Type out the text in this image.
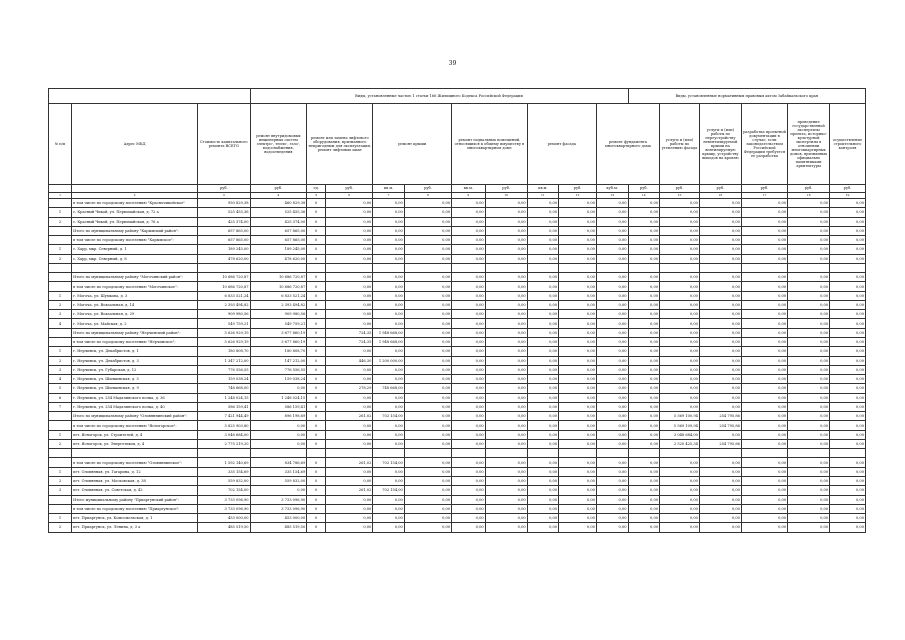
39
			Виды, установленные частью 1 статьи 166 Жилищного Кодекса Российской Федерации										Виды, установленные нормативным правовым актом Забайкальского края					
№ п/п	Адрес МКД	Стоимость капитального ремонта ВСЕГО	ремонт внутридомовых инженерных систем электро-, тепло-, газо-, водоснабжения, водоотведения	ремонт или замена лифтового оборудования, признанного непригодным для эксплуатации, ремонт лифтовых шахт		ремонт крыши		ремонт подвальных помещений, относящихся к общему имуществу в многоквартирном доме		ремонт фасада		ремонт фундамента многоквартирного дома		услуги и (или) работы по утеплению фасада	услуги и (или) работы по переустройству невентилируемой крыши на вентилируемую крышу, устройству выходов на кровлю	разработка проектной документации в случае, если законодательством Российской Федерации требуется ее разработка	проведение государственной экспертизы проекта, историко-культурной экспертизы в отношении многоквартирных домов, признанных официально памятниками архитектуры	осуществление строительного контроля
		руб.	руб.	ед.	руб.	кв.м.	руб.	кв.м.	руб.	кв.м.	руб.	куб.м.	руб.	руб.	руб.	руб.	руб.	руб.
1	2	3	4	5	6	7	8	9	10	11	12	13	14	15	16	17	18	19
	в том числе по городскому поселению "Красночикойское"	950 829,38	460 829,38	0	0,00	0,00	0,00	0,00	0,00	0,00	0,00	0,00	0,00	0,00	0,00	0,00	0,00	0,00
1	с. Красный Чикой, ул. Первомайская, д. 72 а	525 455,36	525 455,36	0	0,00	0,00	0,00	0,00	0,00	0,00	0,00	0,00	0,00	0,00	0,00	0,00	0,00	0,00
2	с. Красный Чикой, ул. Первомайская, д. 76 а	425 374,00	425 374,00	0	0,00	0,00	0,00	0,00	0,00	0,00	0,00	0,00	0,00	0,00	0,00	0,00	0,00	0,00
	Итого по муниципальному району "Карымский район":	657 865,00	657 865,00	0	0,00	0,00	0,00	0,00	0,00	0,00	0,00	0,00	0,00	0,00	0,00	0,00	0,00	0,00
	в том числе по городскому поселению "Карымское":	657 865,00	657 865,00	0	0,00	0,00	0,00	0,00	0,00	0,00	0,00	0,00	0,00	0,00	0,00	0,00	0,00	0,00
1	с. Харр, мкр. Северный, д. 1	189 245,00	189 245,00	0	0,00	0,00	0,00	0,00	0,00	0,00	0,00	0,00	0,00	0,00	0,00	0,00	0,00	0,00
2	с. Харр, мкр. Северный, д. 8	478 620,00	478 620,00	0	0,00	0,00	0,00	0,00	0,00	0,00	0,00	0,00	0,00	0,00	0,00	0,00	0,00	0,00

	Итого по муниципальному району "Могочинский район":	10 686 720,87	10 686 720,87	0	0,00	0,00	0,00	0,00	0,00	0,00	0,00	0,00	0,00	0,00	0,00	0,00	0,00	0,00
	в том числе по городскому поселению "Могочинское":	10 686 720,87	10 686 720,87	0	0,00	0,00	0,00	0,00	0,00	0,00	0,00	0,00	0,00	0,00	0,00	0,00	0,00	0,00
1	г. Могоча, ул. Шумкова, д. 3	6 833 521,24	6 833 521,24	0	0,00	0,00	0,00	0,00	0,00	0,00	0,00	0,00	0,00	0,00	0,00	0,00	0,00	0,00
2	г. Могоча, ул. Вокзальная, д. 14	2 393 494,82	2 393 494,82	0	0,00	0,00	0,00	0,00	0,00	0,00	0,00	0,00	0,00	0,00	0,00	0,00	0,00	0,00
3	г. Могоча, ул. Вокзальная, д. 29	909 980,56	909 980,56	0	0,00	0,00	0,00	0,00	0,00	0,00	0,00	0,00	0,00	0,00	0,00	0,00	0,00	0,00
4	г. Могоча, ул. Майская, д. 2	549 759,21	549 759,21	0	0,00	0,00	0,00	0,00	0,00	0,00	0,00	0,00	0,00	0,00	0,00	0,00	0,00	0,00
	Итого по муниципальному району "Нерчинский район":	5 626 929,19	3 677 860,19	0	724,35	1 948 668,00	0,00	0,00	0,00	0,00	0,00	0,00	0,00	0,00	0,00	0,00	0,00	0,00
	в том числе по городскому поселению "Нерчинское":	5 626 929,19	3 677 860,19	0	724,35	1 948 668,00	0,00	0,00	0,00	0,00	0,00	0,00	0,00	0,00	0,00	0,00	0,00	0,00
1	г. Нерчинск, ул. Декабристов, д. 1	180 808,70	180 808,70	0	0,00	0,00	0,00	0,00	0,00	0,00	0,00	0,00	0,00	0,00	0,00	0,00	0,00	0,00
2	г. Нерчинск, ул. Декабристов, д. 3	1 347 212,00	147 212,00	0	446,30	1 200 000,00	0,00	0,00	0,00	0,00	0,00	0,00	0,00	0,00	0,00	0,00	0,00	0,00
3	г. Нерчинск, ул. Губарская, д. 12	776 556,55	776 556,55	0	0,00	0,00	0,00	0,00	0,00	0,00	0,00	0,00	0,00	0,00	0,00	0,00	0,00	0,00
4	г. Нерчинск, ул. Шилкинская, д. 5	159 038,24	159 038,24	0	0,00	0,00	0,00	0,00	0,00	0,00	0,00	0,00	0,00	0,00	0,00	0,00	0,00	0,00
5	г. Нерчинск, ул. Шилкинская, д. 9	748 668,00	0,00	0	278,29	748 668,00	0,00	0,00	0,00	0,00	0,00	0,00	0,00	0,00	0,00	0,00	0,00	0,00
6	г. Нерчинск, ул. 254 Мадалинского полка, д. 36	1 248 024,15	1 248 024,15	0	0,00	0,00	0,00	0,00	0,00	0,00	0,00	0,00	0,00	0,00	0,00	0,00	0,00	0,00
7	г. Нерчинск, ул. 254 Мадалинского полка, д. 40	586 159,41	586 159,41	0	0,00	0,00	0,00	0,00	0,00	0,00	0,00	0,00	0,00	0,00	0,00	0,00	0,00	0,00
	Итого по муниципальному району "Оловяннинский район":	7 421 944,49	896 198,69	0	261,02	702 154,00	0,00	0,00	0,00	0,00	0,00	0,00	0,00	5 569 100,94	254 795,86	0,00	0,00	0,00
	в том числе по городскому поселению "Ясногорское":	5 825 903,80	0,00	0	0,00	0,00	0,00	0,00	0,00	0,00	0,00	0,00	0,00	5 569 109,94	254 795,86	0,00	0,00	0,00
1	пгт. Ясногорск, ул. Строителей, д. 4	3 048 684,00	0,00	0	0,00	0,00	0,00	0,00	0,00	0,00	0,00	0,00	0,00	3 048 684,00	0,00	0,00	0,00	0,00
2	пгт. Ясногорск, ул. Энергетиков, д. 4	2 775 219,20	0,00	0	0,00	0,00	0,00	0,00	0,00	0,00	0,00	0,00	0,00	2 520 425,34	254 795,86	0,00	0,00	0,00

	в том числе по городскому поселению "Оловяннинское":	1 592 140,69	834 786,69	0	261,02	702 154,00	0,00	0,00	0,00	0,00	0,00	0,00	0,00	0,00	0,00	0,00	0,00	0,00
1	пгт. Оловянная, ул. Гагарина, д. 12	335 154,69	335 154,69	0	0,00	0,00	0,00	0,00	0,00	0,00	0,00	0,00	0,00	0,00	0,00	0,00	0,00	0,00
2	пгт. Оловянная, ул. Московская, д. 38	559 832,00	559 832,00	0	0,00	0,00	0,00	0,00	0,00	0,00	0,00	0,00	0,00	0,00	0,00	0,00	0,00	0,00
3	пгт. Оловянная, ул. Советская, д. 42	702 154,00	0,00	0	261,02	702 154,00	0,00	0,00	0,00	0,00	0,00	0,00	0,00	0,00	0,00	0,00	0,00	0,00
	Итого муниципальному району "Приаргунский район":	3 733 096,90	3 733 096,90	0	0,00	0,00	0,00	0,00	0,00	0,00	0,00	0,00	0,00	0,00	0,00	0,00	0,00	0,00
	в том числе по городскому поселению "Приаргунское":	3 733 096,90	3 733 096,90	0	0,00	0,00	0,00	0,00	0,00	0,00	0,00	0,00	0,00	0,00	0,00	0,00	0,00	0,00
1	пгт. Приаргунск, ул. Комсомольская, д. 1	453 000,00	453 000,00	0	0,00	0,00	0,00	0,00	0,00	0,00	0,00	0,00	0,00	0,00	0,00	0,00	0,00	0,00
2	пгт. Приаргунск, ул. Ленина, д. 3 а	485 519,50	485 519,50	0	0,00	0,00	0,00	0,00	0,00	0,00	0,00	0,00	0,00	0,00	0,00	0,00	0,00	0,00
